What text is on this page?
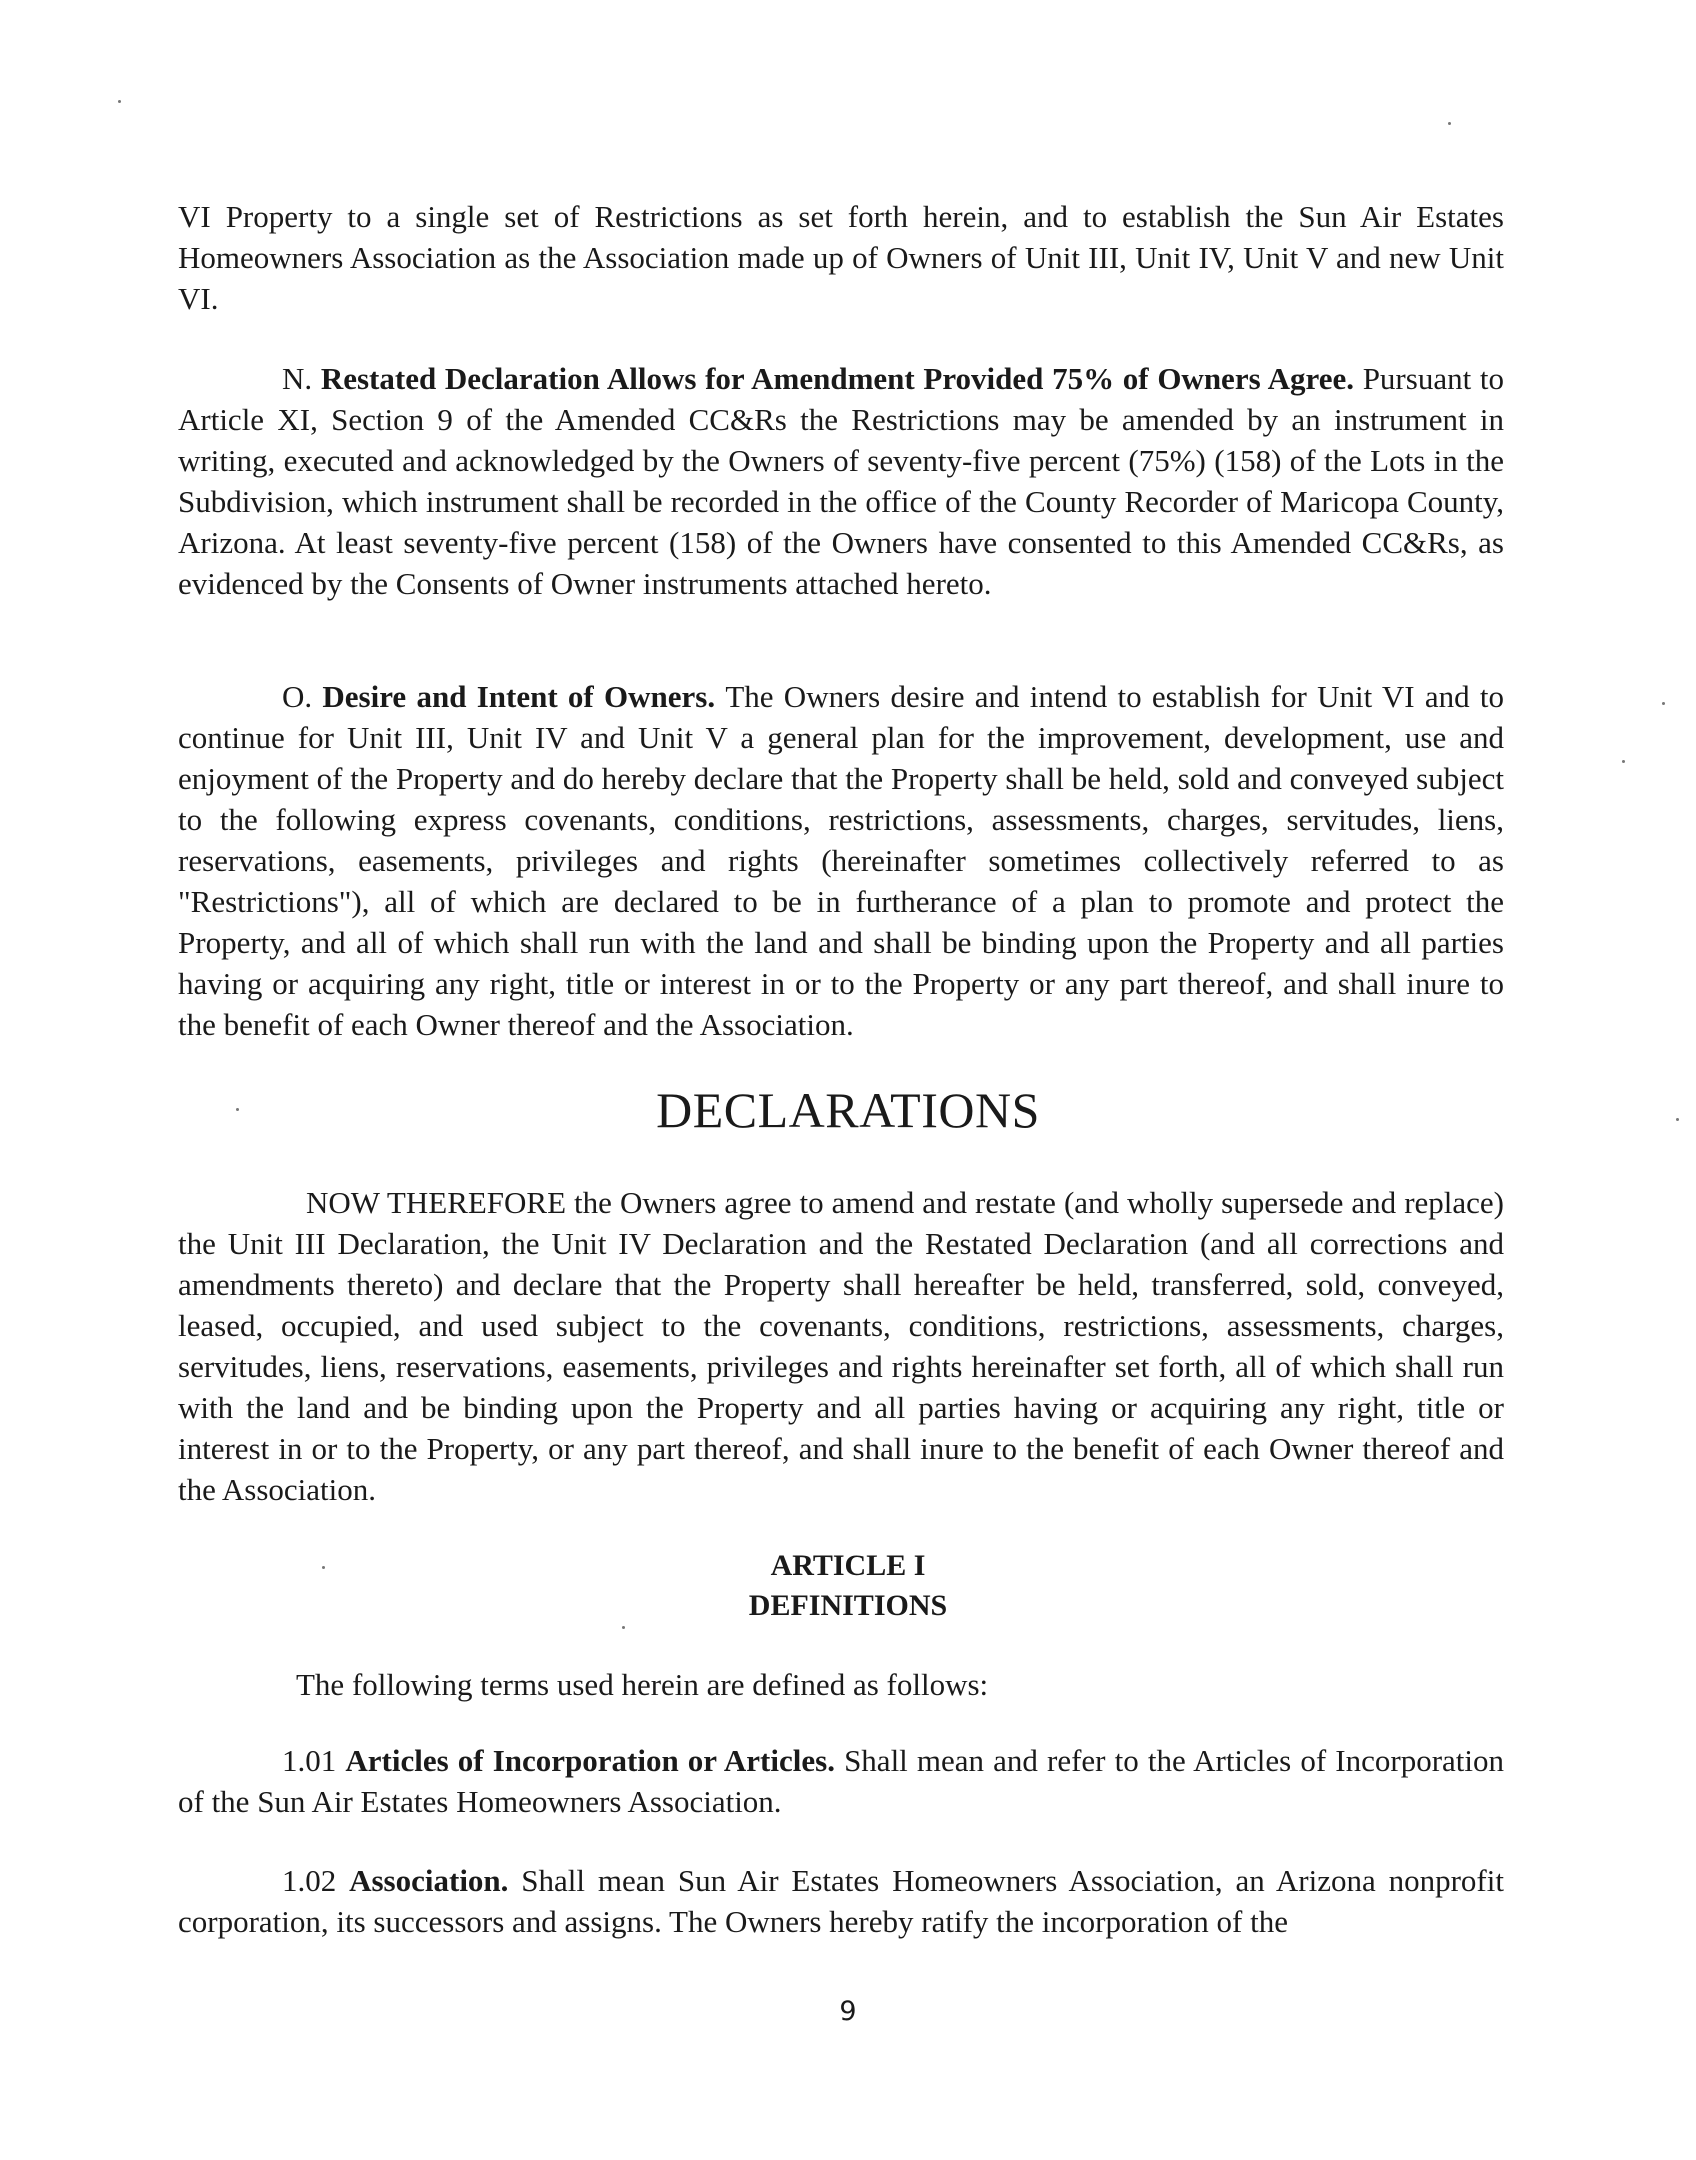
VI Property to a single set of Restrictions as set forth herein, and to establish the Sun Air Estates Homeowners Association as the Association made up of Owners of Unit III, Unit IV, Unit V and new Unit VI.

N. Restated Declaration Allows for Amendment Provided 75% of Owners Agree. Pursuant to Article XI, Section 9 of the Amended CC&Rs the Restrictions may be amended by an instrument in writing, executed and acknowledged by the Owners of seventy-five percent (75%) (158) of the Lots in the Subdivision, which instrument shall be recorded in the office of the County Recorder of Maricopa County, Arizona. At least seventy-five percent (158) of the Owners have consented to this Amended CC&Rs, as evidenced by the Consents of Owner instruments attached hereto.

O. Desire and Intent of Owners. The Owners desire and intend to establish for Unit VI and to continue for Unit III, Unit IV and Unit V a general plan for the improvement, development, use and enjoyment of the Property and do hereby declare that the Property shall be held, sold and conveyed subject to the following express covenants, conditions, restrictions, assessments, charges, servitudes, liens, reservations, easements, privileges and rights (hereinafter sometimes collectively referred to as "Restrictions"), all of which are declared to be in furtherance of a plan to promote and protect the Property, and all of which shall run with the land and shall be binding upon the Property and all parties having or acquiring any right, title or interest in or to the Property or any part thereof, and shall inure to the benefit of each Owner thereof and the Association.

DECLARATIONS

NOW THEREFORE the Owners agree to amend and restate (and wholly supersede and replace) the Unit III Declaration, the Unit IV Declaration and the Restated Declaration (and all corrections and amendments thereto) and declare that the Property shall hereafter be held, transferred, sold, conveyed, leased, occupied, and used subject to the covenants, conditions, restrictions, assessments, charges, servitudes, liens, reservations, easements, privileges and rights hereinafter set forth, all of which shall run with the land and be binding upon the Property and all parties having or acquiring any right, title or interest in or to the Property, or any part thereof, and shall inure to the benefit of each Owner thereof and the Association.

ARTICLE I
DEFINITIONS

The following terms used herein are defined as follows:

1.01 Articles of Incorporation or Articles. Shall mean and refer to the Articles of Incorporation of the Sun Air Estates Homeowners Association.

1.02 Association. Shall mean Sun Air Estates Homeowners Association, an Arizona nonprofit corporation, its successors and assigns. The Owners hereby ratify the incorporation of the

9
